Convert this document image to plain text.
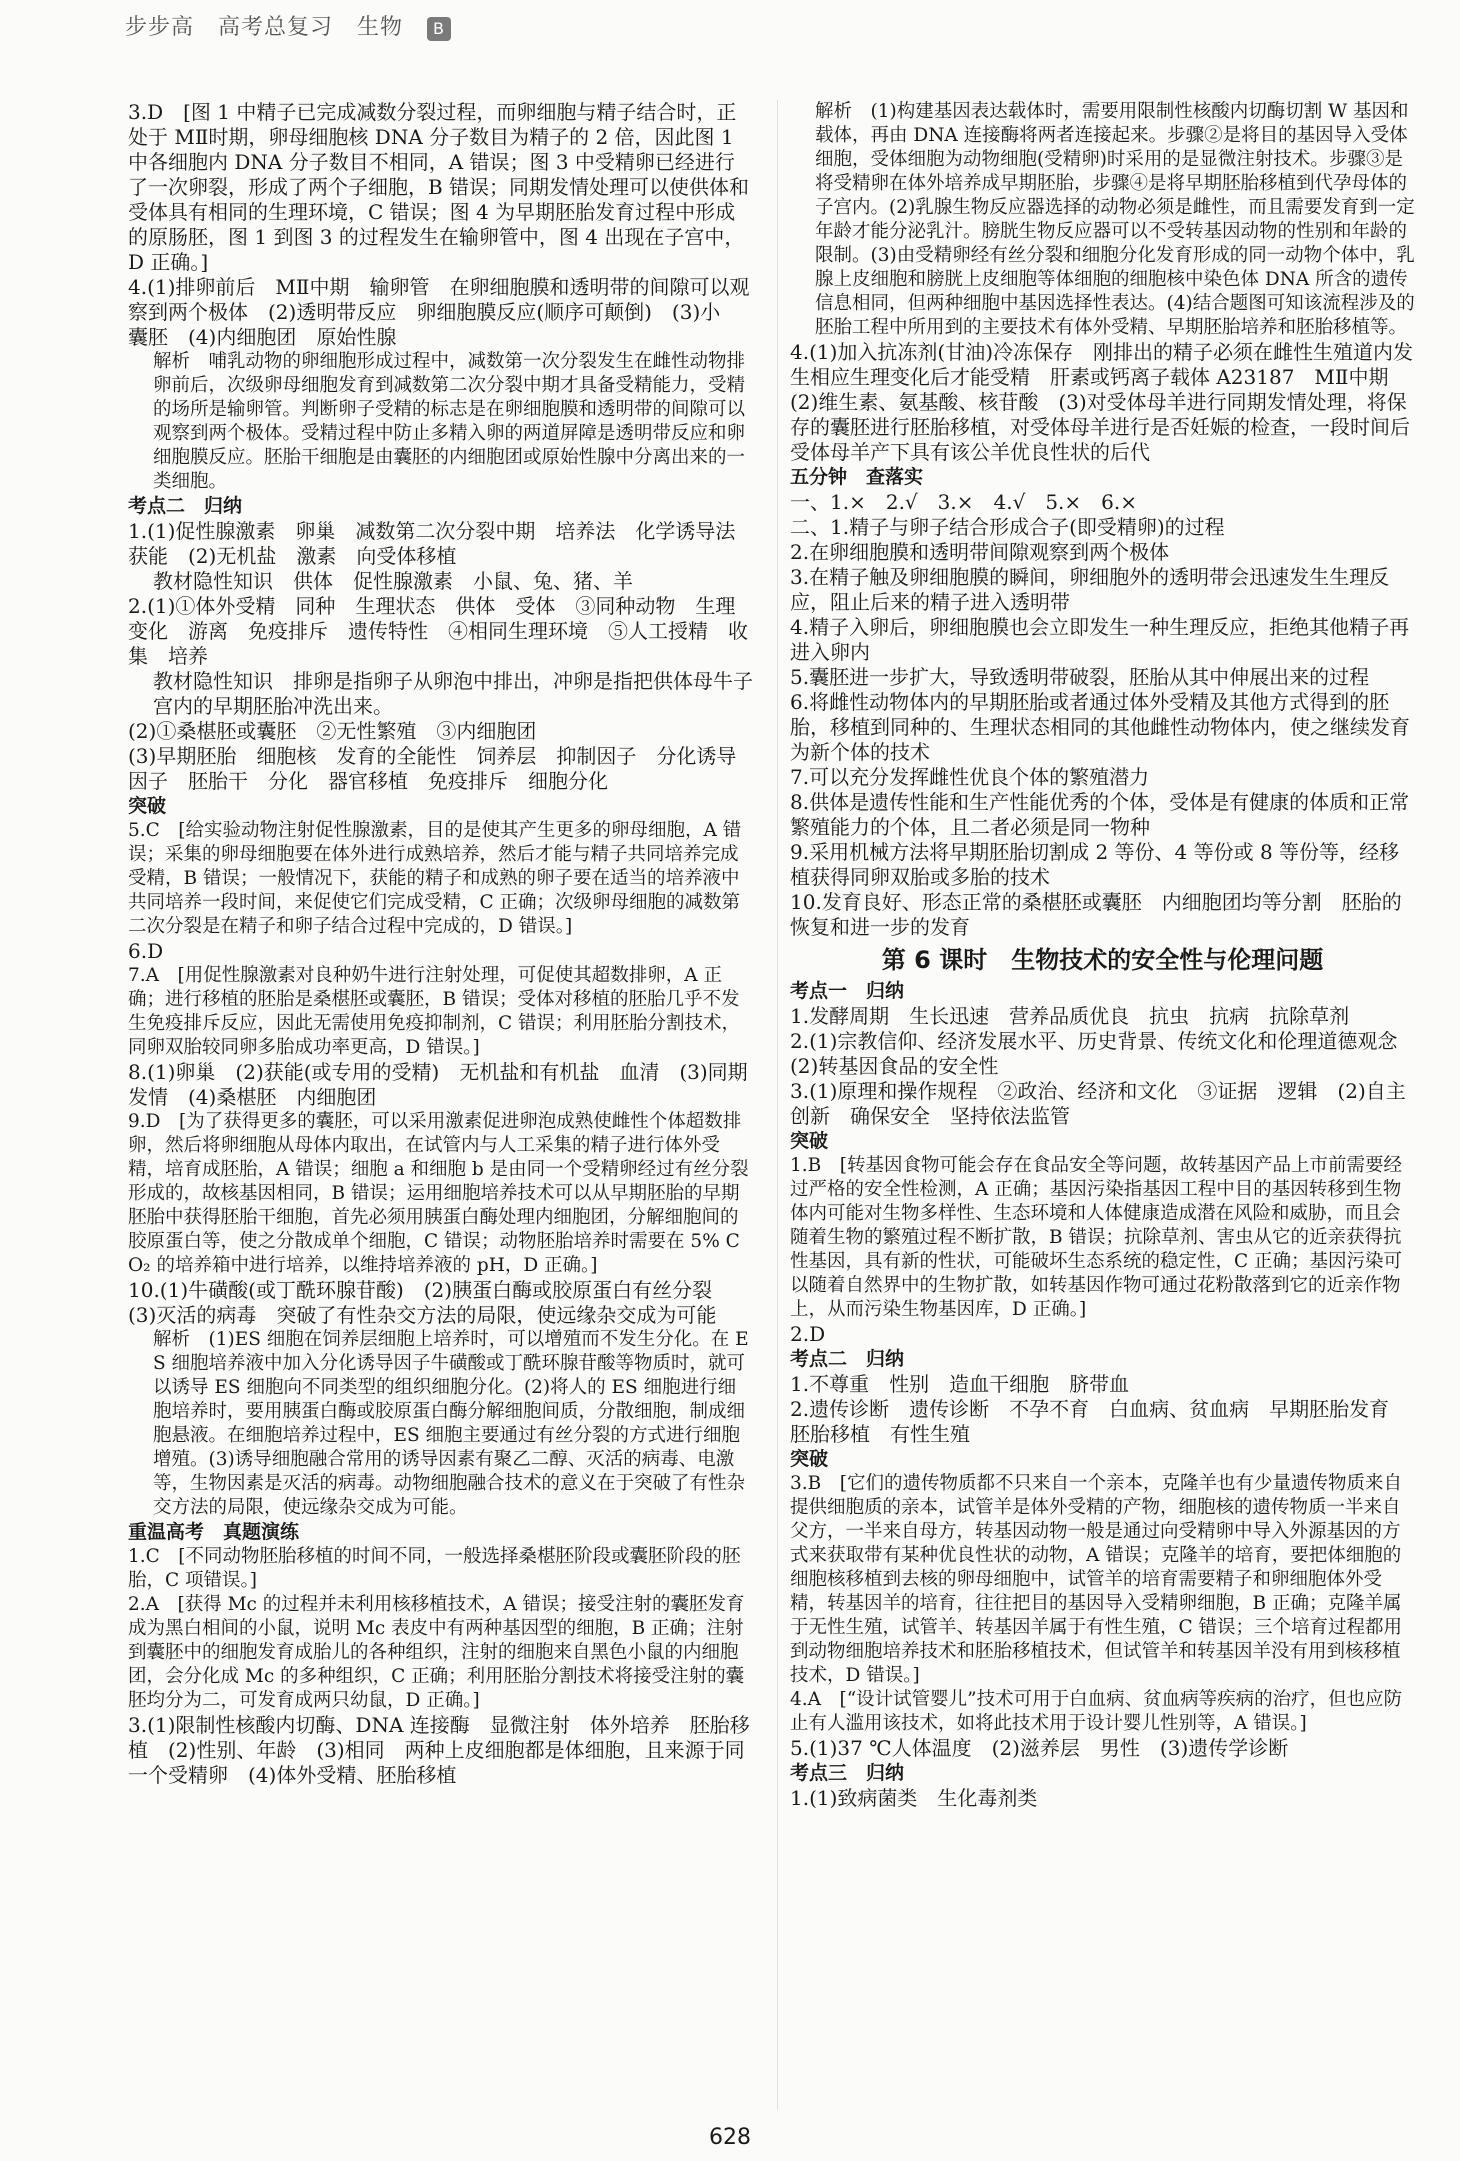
步步高 高考总复习 生物 B
3.D　[图 1 中精子已完成减数分裂过程，而卵细胞与精子结合时，正处于 MⅡ时期，卵母细胞核 DNA 分子数目为精子的 2 倍，因此图 1 中各细胞内 DNA 分子数目不相同，A 错误；图 3 中受精卵已经进行了一次卵裂，形成了两个子细胞，B 错误；同期发情处理可以使供体和受体具有相同的生理环境，C 错误；图 4 为早期胚胎发育过程中形成的原肠胚，图 1 到图 3 的过程发生在输卵管中，图 4 出现在子宫中，D 正确。]
4.(1)排卵前后　MⅡ中期　输卵管　在卵细胞膜和透明带的间隙可以观察到两个极体　(2)透明带反应　卵细胞膜反应(顺序可颠倒)　(3)小　囊胚　(4)内细胞团　原始性腺
解析　哺乳动物的卵细胞形成过程中，减数第一次分裂发生在雌性动物排卵前后，次级卵母细胞发育到减数第二次分裂中期才具备受精能力，受精的场所是输卵管。判断卵子受精的标志是在卵细胞膜和透明带的间隙可以观察到两个极体。受精过程中防止多精入卵的两道屏障是透明带反应和卵细胞膜反应。胚胎干细胞是由囊胚的内细胞团或原始性腺中分离出来的一类细胞。
考点二　归纳
1.(1)促性腺激素　卵巢　减数第二次分裂中期　培养法　化学诱导法　获能　(2)无机盐　激素　向受体移植
教材隐性知识　供体　促性腺激素　小鼠、兔、猪、羊
2.(1)①体外受精　同种　生理状态　供体　受体　③同种动物　生理变化　游离　免疫排斥　遗传特性　④相同生理环境　⑤人工授精　收集　培养
教材隐性知识　排卵是指卵子从卵泡中排出，冲卵是指把供体母牛子宫内的早期胚胎冲洗出来。
(2)①桑椹胚或囊胚　②无性繁殖　③内细胞团
(3)早期胚胎　细胞核　发育的全能性　饲养层　抑制因子　分化诱导因子　胚胎干　分化　器官移植　免疫排斥　细胞分化
突破
5.C　[给实验动物注射促性腺激素，目的是使其产生更多的卵母细胞，A 错误；采集的卵母细胞要在体外进行成熟培养，然后才能与精子共同培养完成受精，B 错误；一般情况下，获能的精子和成熟的卵子要在适当的培养液中共同培养一段时间，来促使它们完成受精，C 正确；次级卵母细胞的减数第二次分裂是在精子和卵子结合过程中完成的，D 错误。]
6.D
7.A　[用促性腺激素对良种奶牛进行注射处理，可促使其超数排卵，A 正确；进行移植的胚胎是桑椹胚或囊胚，B 错误；受体对移植的胚胎几乎不发生免疫排斥反应，因此无需使用免疫抑制剂，C 错误；利用胚胎分割技术，同卵双胎较同卵多胎成功率更高，D 错误。]
8.(1)卵巢　(2)获能(或专用的受精)　无机盐和有机盐　血清　(3)同期发情　(4)桑椹胚　内细胞团
9.D　[为了获得更多的囊胚，可以采用激素促进卵泡成熟使雌性个体超数排卵，然后将卵细胞从母体内取出，在试管内与人工采集的精子进行体外受精，培育成胚胎，A 错误；细胞 a 和细胞 b 是由同一个受精卵经过有丝分裂形成的，故核基因相同，B 错误；运用细胞培养技术可以从早期胚胎的早期胚胎中获得胚胎干细胞，首先必须用胰蛋白酶处理内细胞团，分解细胞间的胶原蛋白等，使之分散成单个细胞，C 错误；动物胚胎培养时需要在 5% CO₂ 的培养箱中进行培养，以维持培养液的 pH，D 正确。]
10.(1)牛磺酸(或丁酰环腺苷酸)　(2)胰蛋白酶或胶原蛋白有丝分裂　(3)灭活的病毒　突破了有性杂交方法的局限，使远缘杂交成为可能
解析　(1)ES 细胞在饲养层细胞上培养时，可以增殖而不发生分化。在 ES 细胞培养液中加入分化诱导因子牛磺酸或丁酰环腺苷酸等物质时，就可以诱导 ES 细胞向不同类型的组织细胞分化。(2)将人的 ES 细胞进行细胞培养时，要用胰蛋白酶或胶原蛋白酶分解细胞间质，分散细胞，制成细胞悬液。在细胞培养过程中，ES 细胞主要通过有丝分裂的方式进行细胞增殖。(3)诱导细胞融合常用的诱导因素有聚乙二醇、灭活的病毒、电激等，生物因素是灭活的病毒。动物细胞融合技术的意义在于突破了有性杂交方法的局限，使远缘杂交成为可能。
重温高考　真题演练
1.C　[不同动物胚胎移植的时间不同，一般选择桑椹胚阶段或囊胚阶段的胚胎，C 项错误。]
2.A　[获得 Mc 的过程并未利用核移植技术，A 错误；接受注射的囊胚发育成为黑白相间的小鼠，说明 Mc 表皮中有两种基因型的细胞，B 正确；注射到囊胚中的细胞发育成胎儿的各种组织，注射的细胞来自黑色小鼠的内细胞团，会分化成 Mc 的多种组织，C 正确；利用胚胎分割技术将接受注射的囊胚均分为二，可发育成两只幼鼠，D 正确。]
3.(1)限制性核酸内切酶、DNA 连接酶　显微注射　体外培养　胚胎移植　(2)性别、年龄　(3)相同　两种上皮细胞都是体细胞，且来源于同一个受精卵　(4)体外受精、胚胎移植
解析　(1)构建基因表达载体时，需要用限制性核酸内切酶切割 W 基因和载体，再由 DNA 连接酶将两者连接起来。步骤②是将目的基因导入受体细胞，受体细胞为动物细胞(受精卵)时采用的是显微注射技术。步骤③是将受精卵在体外培养成早期胚胎，步骤④是将早期胚胎移植到代孕母体的子宫内。(2)乳腺生物反应器选择的动物必须是雌性，而且需要发育到一定年龄才能分泌乳汁。膀胱生物反应器可以不受转基因动物的性别和年龄的限制。(3)由受精卵经有丝分裂和细胞分化发育形成的同一动物个体中，乳腺上皮细胞和膀胱上皮细胞等体细胞的细胞核中染色体 DNA 所含的遗传信息相同，但两种细胞中基因选择性表达。(4)结合题图可知该流程涉及的胚胎工程中所用到的主要技术有体外受精、早期胚胎培养和胚胎移植等。
4.(1)加入抗冻剂(甘油)冷冻保存　刚排出的精子必须在雌性生殖道内发生相应生理变化后才能受精　肝素或钙离子载体 A23187　MⅡ中期　(2)维生素、氨基酸、核苷酸　(3)对受体母羊进行同期发情处理，将保存的囊胚进行胚胎移植，对受体母羊进行是否妊娠的检查，一段时间后受体母羊产下具有该公羊优良性状的后代
五分钟　查落实
一、1.×　2.√　3.×　4.√　5.×　6.×
二、1.精子与卵子结合形成合子(即受精卵)的过程
2.在卵细胞膜和透明带间隙观察到两个极体
3.在精子触及卵细胞膜的瞬间，卵细胞外的透明带会迅速发生生理反应，阻止后来的精子进入透明带
4.精子入卵后，卵细胞膜也会立即发生一种生理反应，拒绝其他精子再进入卵内
5.囊胚进一步扩大，导致透明带破裂，胚胎从其中伸展出来的过程
6.将雌性动物体内的早期胚胎或者通过体外受精及其他方式得到的胚胎，移植到同种的、生理状态相同的其他雌性动物体内，使之继续发育为新个体的技术
7.可以充分发挥雌性优良个体的繁殖潜力
8.供体是遗传性能和生产性能优秀的个体，受体是有健康的体质和正常繁殖能力的个体，且二者必须是同一物种
9.采用机械方法将早期胚胎切割成 2 等份、4 等份或 8 等份等，经移植获得同卵双胎或多胎的技术
10.发育良好、形态正常的桑椹胚或囊胚　内细胞团均等分割　胚胎的恢复和进一步的发育
第 6 课时　生物技术的安全性与伦理问题
考点一　归纳
1.发酵周期　生长迅速　营养品质优良　抗虫　抗病　抗除草剂
2.(1)宗教信仰、经济发展水平、历史背景、传统文化和伦理道德观念　(2)转基因食品的安全性
3.(1)原理和操作规程　②政治、经济和文化　③证据　逻辑　(2)自主创新　确保安全　坚持依法监管
突破
1.B　[转基因食物可能会存在食品安全等问题，故转基因产品上市前需要经过严格的安全性检测，A 正确；基因污染指基因工程中目的基因转移到生物体内可能对生物多样性、生态环境和人体健康造成潜在风险和威胁，而且会随着生物的繁殖过程不断扩散，B 错误；抗除草剂、害虫从它的近亲获得抗性基因，具有新的性状，可能破坏生态系统的稳定性，C 正确；基因污染可以随着自然界中的生物扩散，如转基因作物可通过花粉散落到它的近亲作物上，从而污染生物基因库，D 正确。]
2.D
考点二　归纳
1.不尊重　性别　造血干细胞　脐带血
2.遗传诊断　遗传诊断　不孕不育　白血病、贫血病　早期胚胎发育　胚胎移植　有性生殖
突破
3.B　[它们的遗传物质都不只来自一个亲本，克隆羊也有少量遗传物质来自提供细胞质的亲本，试管羊是体外受精的产物，细胞核的遗传物质一半来自父方，一半来自母方，转基因动物一般是通过向受精卵中导入外源基因的方式来获取带有某种优良性状的动物，A 错误；克隆羊的培育，要把体细胞的细胞核移植到去核的卵母细胞中，试管羊的培育需要精子和卵细胞体外受精，转基因羊的培育，往往把目的基因导入受精卵细胞，B 正确；克隆羊属于无性生殖，试管羊、转基因羊属于有性生殖，C 错误；三个培育过程都用到动物细胞培养技术和胚胎移植技术，但试管羊和转基因羊没有用到核移植技术，D 错误。]
4.A　[“设计试管婴儿”技术可用于白血病、贫血病等疾病的治疗，但也应防止有人滥用该技术，如将此技术用于设计婴儿性别等，A 错误。]
5.(1)37 ℃人体温度　(2)滋养层　男性　(3)遗传学诊断
考点三　归纳
1.(1)致病菌类　生化毒剂类
628
